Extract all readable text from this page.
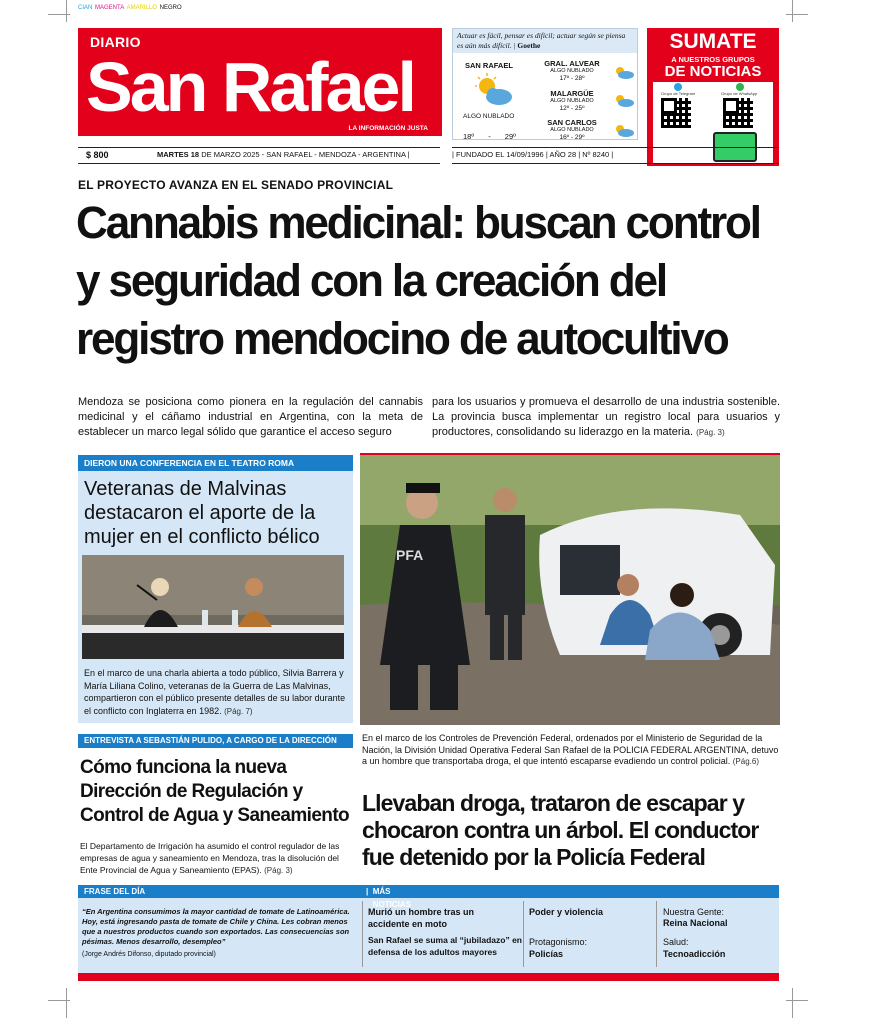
CIAN MAGENTA AMARILLO NEGRO
DIARIO
San Rafael
LA INFORMACIÓN JUSTA
Actuar es fácil, pensar es difícil; actuar según se piensa es aún más difícil. | Goethe
SAN RAFAEL
ALGO NUBLADO
18º - 29º
GRAL. ALVEAR
ALGO NUBLADO
17º - 28º
MALARGÜE
ALGO NUBLADO
12º - 25º
SAN CARLOS
ALGO NUBLADO
16º - 29º
SUMATE
A NUESTROS GRUPOS
DE NOTICIAS
Grupo de Telegram	Grupo de WhatsApp
$ 800	MARTES 18 DE MARZO 2025 - SAN RAFAEL - MENDOZA - ARGENTINA |	| FUNDADO EL 14/09/1996 | AÑO 28 | Nº 8240 |
EL PROYECTO AVANZA EN EL SENADO PROVINCIAL
Cannabis medicinal: buscan control y seguridad con la creación del registro mendocino de autocultivo
Mendoza se posiciona como pionera en la regulación del cannabis medicinal y el cáñamo industrial en Argentina, con la meta de establecer un marco legal sólido que garantice el acceso seguro
para los usuarios y promueva el desarrollo de una industria sostenible. La provincia busca implementar un registro local para usuarios y productores, consolidando su liderazgo en la materia. (Pág. 3)
DIERON UNA CONFERENCIA EN EL TEATRO ROMA
Veteranas de Malvinas destacaron el aporte de la mujer en el conflicto bélico
En el marco de una charla abierta a todo público, Silvia Barrera y María Liliana Colino, veteranas de la Guerra de Las Malvinas, compartieron con el público presente detalles de su labor durante el conflicto con Inglaterra en 1982. (Pág. 7)
ENTREVISTA A SEBASTIÁN PULIDO, A CARGO DE LA DIRECCIÓN
Cómo funciona la nueva Dirección de Regulación y Control de Agua y Saneamiento
El Departamento de Irrigación ha asumido el control regulador de las empresas de agua y saneamiento en Mendoza, tras la disolución del Ente Provincial de Agua y Saneamiento (EPAS). (Pág. 3)
PFA
En el marco de los Controles de Prevención Federal, ordenados por el Ministerio de Seguridad de la Nación, la División Unidad Operativa Federal San Rafael de la POLICIA FEDERAL ARGENTINA, detuvo a un hombre que transportaba droga, el que intentó escaparse evadiendo un control policial. (Pág.6)
Llevaban droga, trataron de escapar y chocaron contra un árbol. El conductor fue detenido por la Policía Federal
FRASE DEL DÍA	| MÁS NOTICIAS
“En Argentina consumimos la mayor cantidad de tomate de Latinoamérica. Hoy, está ingresando pasta de tomate de Chile y China. Les cobran menos que a nuestros productos cuando son exportados. Las consecuencias son pésimas. Menos desarrollo, desempleo”
(Jorge Andrés Difonso, diputado provincial)
Murió un hombre tras un accidente en moto
San Rafael se suma al “jubiladazo” en defensa de los adultos mayores
Poder y violencia
Protagonismo:
Policías
Nuestra Gente:
Reina Nacional
Salud:
Tecnoadicción
